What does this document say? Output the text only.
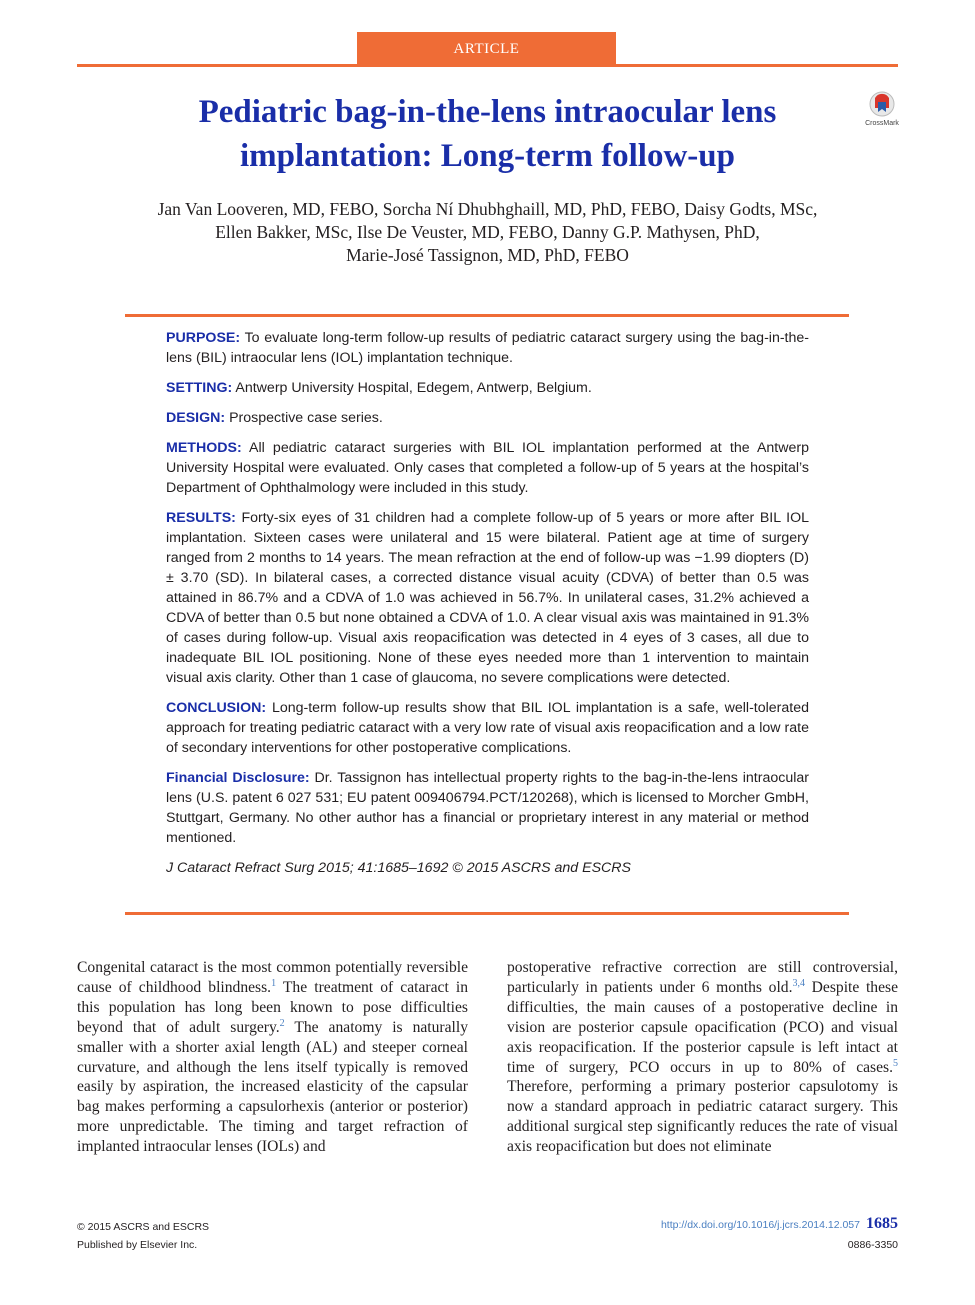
ARTICLE
Pediatric bag-in-the-lens intraocular lens
implantation: Long-term follow-up
CrossMark
Jan Van Looveren, MD, FEBO, Sorcha Ní Dhubhghaill, MD, PhD, FEBO, Daisy Godts, MSc,
Ellen Bakker, MSc, Ilse De Veuster, MD, FEBO, Danny G.P. Mathysen, PhD,
Marie-José Tassignon, MD, PhD, FEBO

PURPOSE: To evaluate long-term follow-up results of pediatric cataract surgery using the bag-in-the-lens (BIL) intraocular lens (IOL) implantation technique.

SETTING: Antwerp University Hospital, Edegem, Antwerp, Belgium.

DESIGN: Prospective case series.

METHODS: All pediatric cataract surgeries with BIL IOL implantation performed at the Antwerp University Hospital were evaluated. Only cases that completed a follow-up of 5 years at the hospital’s Department of Ophthalmology were included in this study.

RESULTS: Forty-six eyes of 31 children had a complete follow-up of 5 years or more after BIL IOL implantation. Sixteen cases were unilateral and 15 were bilateral. Patient age at time of surgery ranged from 2 months to 14 years. The mean refraction at the end of follow-up was −1.99 diopters (D) ± 3.70 (SD). In bilateral cases, a corrected distance visual acuity (CDVA) of better than 0.5 was attained in 86.7% and a CDVA of 1.0 was achieved in 56.7%. In unilateral cases, 31.2% achieved a CDVA of better than 0.5 but none obtained a CDVA of 1.0. A clear visual axis was maintained in 91.3% of cases during follow-up. Visual axis reopacification was detected in 4 eyes of 3 cases, all due to inadequate BIL IOL positioning. None of these eyes needed more than 1 intervention to maintain visual axis clarity. Other than 1 case of glaucoma, no severe complications were detected.

CONCLUSION: Long-term follow-up results show that BIL IOL implantation is a safe, well-tolerated approach for treating pediatric cataract with a very low rate of visual axis reopacification and a low rate of secondary interventions for other postoperative complications.

Financial Disclosure: Dr. Tassignon has intellectual property rights to the bag-in-the-lens intraocular lens (U.S. patent 6 027 531; EU patent 009406794.PCT/120268), which is licensed to Morcher GmbH, Stuttgart, Germany. No other author has a financial or proprietary interest in any material or method mentioned.

J Cataract Refract Surg 2015; 41:1685–1692 © 2015 ASCRS and ESCRS

Congenital cataract is the most common potentially reversible cause of childhood blindness.$^1$ The treatment of cataract in this population has long been known to pose difficulties beyond that of adult surgery.$^2$ The anatomy is naturally smaller with a shorter axial length (AL) and steeper corneal curvature, and although the lens itself typically is removed easily by aspiration, the increased elasticity of the capsular bag makes performing a capsulorhexis (anterior or posterior) more unpredictable. The timing and target refraction of implanted intraocular lenses (IOLs) and

postoperative refractive correction are still controversial, particularly in patients under 6 months old.$^{3,4}$ Despite these difficulties, the main causes of a postoperative decline in vision are posterior capsule opacification (PCO) and visual axis reopacification. If the posterior capsule is left intact at time of surgery, PCO occurs in up to 80% of cases.$^5$ Therefore, performing a primary posterior capsulotomy is now a standard approach in pediatric cataract surgery. This additional surgical step significantly reduces the rate of visual axis reopacification but does not eliminate

© 2015 ASCRS and ESCRS
Published by Elsevier Inc.
http://dx.doi.org/10.1016/j.jcrs.2014.12.057 1685
0886-3350
